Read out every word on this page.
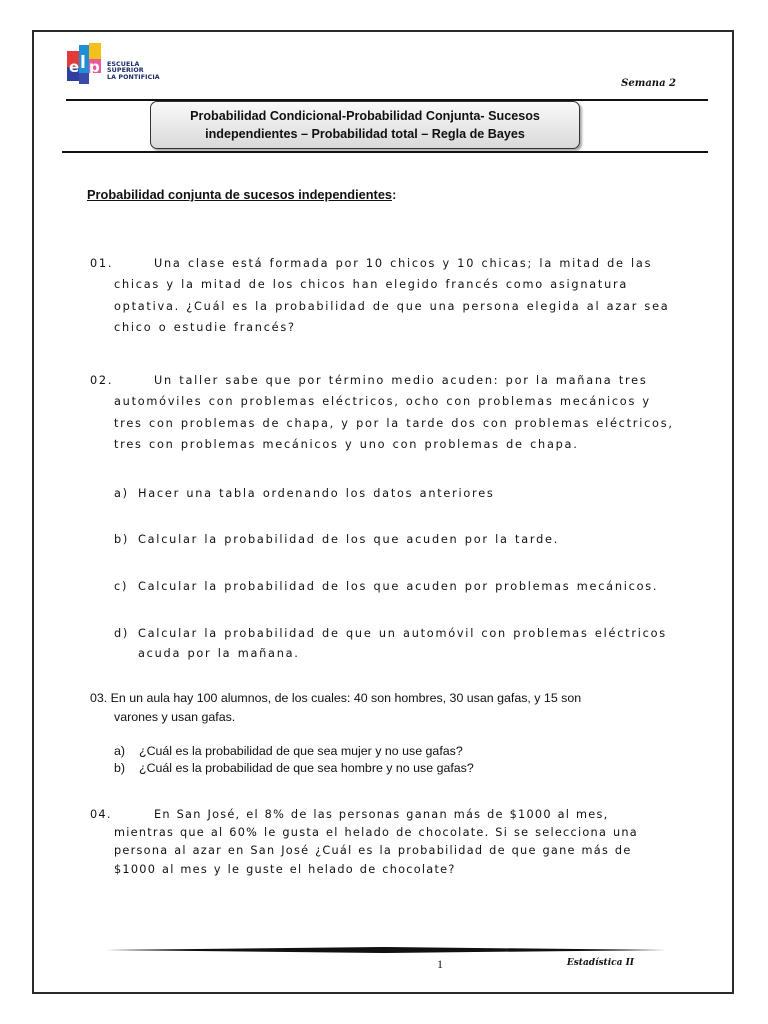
e l p ESCUELA
SUPERIOR
LA PONTIFICIA
Semana 2
Probabilidad Condicional-Probabilidad Conjunta- Sucesos
independientes – Probabilidad total – Regla de Bayes
Probabilidad conjunta de sucesos independientes:
01.	Una clase está formada por 10 chicos y 10 chicas; la mitad de las
chicas y la mitad de los chicos han elegido francés como asignatura
optativa. ¿Cuál es la probabilidad de que una persona elegida al azar sea
chico o estudie francés?
02.	Un taller sabe que por término medio acuden: por la mañana tres
automóviles con problemas eléctricos, ocho con problemas mecánicos y
tres con problemas de chapa, y por la tarde dos con problemas eléctricos,
tres con problemas mecánicos y uno con problemas de chapa.
a) Hacer una tabla ordenando los datos anteriores
b) Calcular la probabilidad de los que acuden por la tarde.
c) Calcular la probabilidad de los que acuden por problemas mecánicos.
d) Calcular la probabilidad de que un automóvil con problemas eléctricos
acuda por la mañana.
03. En un aula hay 100 alumnos, de los cuales: 40 son hombres, 30 usan gafas, y 15 son
varones y usan gafas.
a) ¿Cuál es la probabilidad de que sea mujer y no use gafas?
b) ¿Cuál es la probabilidad de que sea hombre y no use gafas?
04.	En San José, el 8% de las personas ganan más de $1000 al mes,
mientras que al 60% le gusta el helado de chocolate. Si se selecciona una
persona al azar en San José ¿Cuál es la probabilidad de que gane más de
$1000 al mes y le guste el helado de chocolate?
1	Estadística II
